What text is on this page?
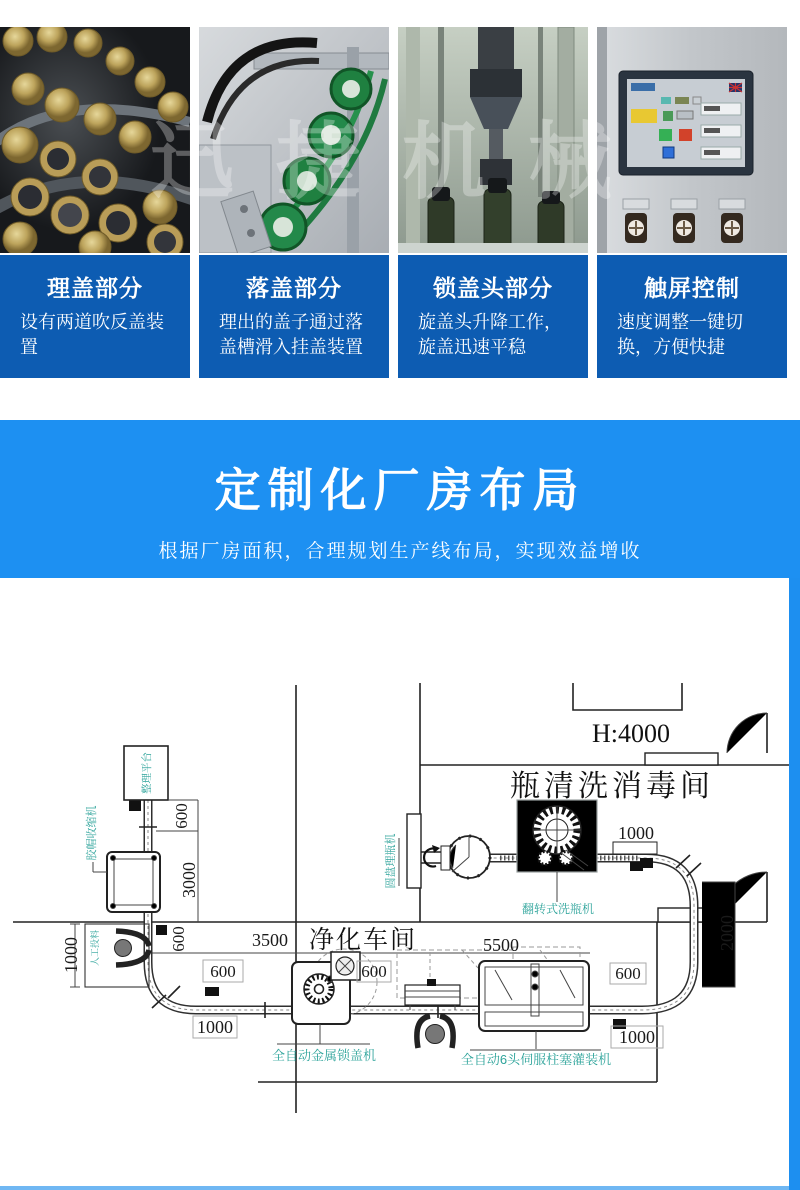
迅捷机械
理盖部分

设有两道吹反盖装置

落盖部分

理出的盖子通过落盖槽滑入挂盖装置

锁盖头部分

旋盖头升降工作，旋盖迅速平稳

触屏控制

速度调整一键切换，方便快捷

定制化厂房布局

根据厂房面积，合理规划生产线布局，实现效益增收

整理平台
胶帽收缩机
人工投料
全自动金属锁盖机	全自动6头伺服柱塞灌装机
翻转式洗瓶机
圆盘理瓶机
瓶清洗消毒间
H:4000
净化车间
1000
600
3000
600	3500	5500
600
1000
600	600
1000
1000
2000
